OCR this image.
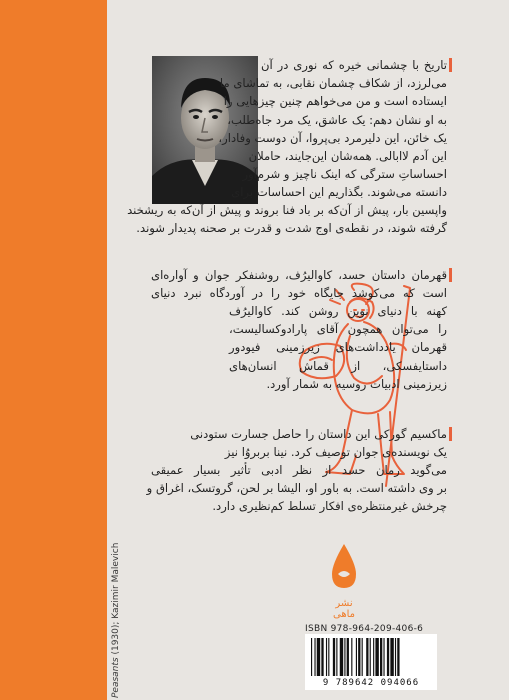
Peasants (1930); Kazimir Malevich
تاریخ با چشمانی خیره که نوری در آن
می‌لرزد، از شکاف چشمان نقابی، به تماشای ما
ایستاده است و من می‌خواهم چنین چیزهایی را
به او نشان دهم: یک عاشق، یک مرد جاه‌طلب،
یک خائن، این دلیرمرد بی‌پروا، آن دوست وفادار،
این آدم لاابالی. همه‌شان این‌جایند، حاملان
احساساتِ سترگی که اینک ناچیز و شرم‌آور
دانسته می‌شوند. بگذاریم این احساسات برای
واپسین بار، پیش از آن‌که بر باد فنا بروند و پیش از آن‌که به ریشخند
گرفته شوند، در نقطه‌ی اوج شدت و قدرت بر صحنه پدیدار شوند.
قهرمان داستان حسد، کاوالیرُف، روشنفکر جوان و آواره‌ای
است که می‌کوشد جایگاه خود را در آوردگاه نبرد دنیای
کهنه با دنیای نوین روشن کند. کاوالیرُف
را می‌توان همچون آقای پارادوکسالیست،
قهرمان یادداشت‌های زیرزمینی فیودور
داستایفسکی، از قماش انسان‌های
زیرزمینی ادبیات روسیه به شمار آورد.
ماکسیم گورکی این داستان را حاصل جسارت ستودنی
یک نویسنده‌ی جوان توصیف کرد. نینا بربروُا نیز
می‌گوید رمان حسد از نظر ادبی تأثیر بسیار عمیقی
بر وی داشته است. به باور او، الیشا بر لحن، گروتسک، اغراق و
چرخش غیرمنتظره‌ی افکار تسلط کم‌نظیری دارد.
نشر ماهی
ISBN 978-964-209-406-6
9 789642 094066
